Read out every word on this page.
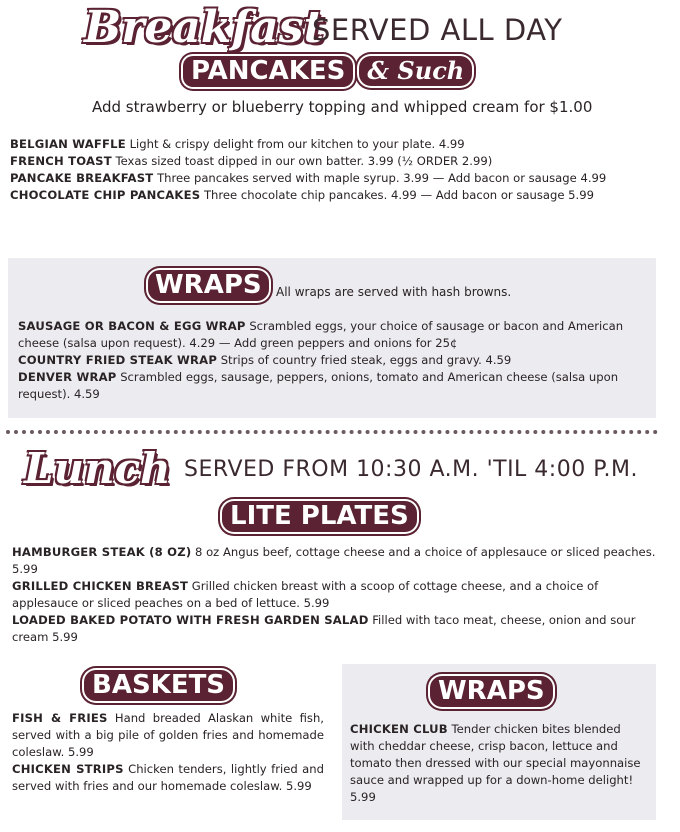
Breakfast
SERVED ALL DAY
PANCAKES & Such
Add strawberry or blueberry topping and whipped cream for $1.00
BELGIAN WAFFLE Light & crispy delight from our kitchen to your plate. 4.99
FRENCH TOAST Texas sized toast dipped in our own batter. 3.99 (½ ORDER 2.99)
PANCAKE BREAKFAST Three pancakes served with maple syrup. 3.99 — Add bacon or sausage 4.99
CHOCOLATE CHIP PANCAKES Three chocolate chip pancakes. 4.99 — Add bacon or sausage 5.99
WRAPS	All wraps are served with hash browns.
SAUSAGE OR BACON & EGG WRAP Scrambled eggs, your choice of sausage or bacon and American cheese (salsa upon request). 4.29 — Add green peppers and onions for 25¢
COUNTRY FRIED STEAK WRAP Strips of country fried steak, eggs and gravy. 4.59
DENVER WRAP Scrambled eggs, sausage, peppers, onions, tomato and American cheese (salsa upon request). 4.59
Lunch SERVED FROM 10:30 A.M. 'TIL 4:00 P.M.
LITE PLATES
HAMBURGER STEAK (8 OZ) 8 oz Angus beef, cottage cheese and a choice of applesauce or sliced peaches. 5.99
GRILLED CHICKEN BREAST Grilled chicken breast with a scoop of cottage cheese, and a choice of applesauce or sliced peaches on a bed of lettuce. 5.99
LOADED BAKED POTATO WITH FRESH GARDEN SALAD Filled with taco meat, cheese, onion and sour cream 5.99
BASKETS
FISH & FRIES Hand breaded Alaskan white fish, served with a big pile of golden fries and homemade coleslaw. 5.99
CHICKEN STRIPS Chicken tenders, lightly fried and served with fries and our homemade coleslaw. 5.99
WRAPS
CHICKEN CLUB Tender chicken bites blended with cheddar cheese, crisp bacon, lettuce and tomato then dressed with our special mayonnaise sauce and wrapped up for a down-home delight! 5.99
